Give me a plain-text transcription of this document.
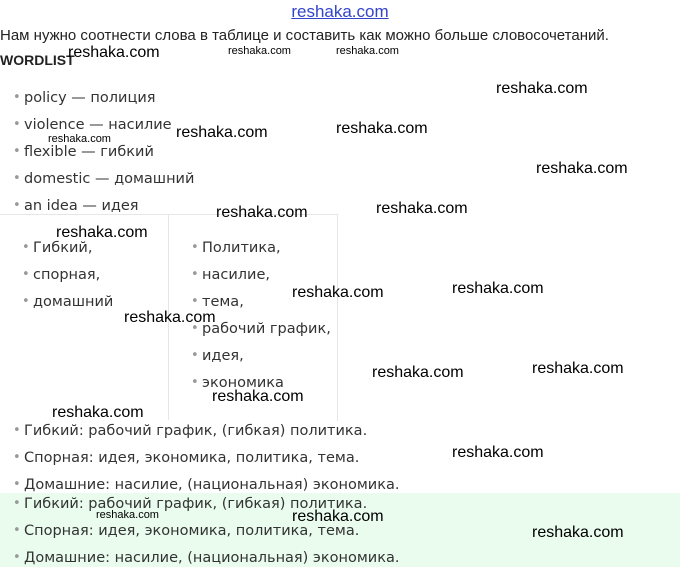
reshaka.com
Нам нужно соотнести слова в таблице и составить как можно больше словосочетаний.
WORDLIST
• policy — полиция
• violence — насилие
• flexible — гибкий
• domestic — домашний
• an idea — идея
• Гибкий,
• спорная,
• домашний
• Политика,
• насилие,
• тема,
• рабочий график,
• идея,
• экономика
• Гибкий: рабочий график, (гибкая) политика.
• Спорная: идея, экономика, политика, тема.
• Домашние: насилие, (национальная) экономика.
• Гибкий: рабочий график, (гибкая) политика.
• Спорная: идея, экономика, политика, тема.
• Домашние: насилие, (национальная) экономика.
reshaka.com	reshaka.com	reshaka.com
reshaka.com
reshaka.com	reshaka.com
reshaka.com
reshaka.com
reshaka.com	reshaka.com
reshaka.com
reshaka.com	reshaka.com
reshaka.com
reshaka.com	reshaka.com
reshaka.com
reshaka.com
reshaka.com
reshaka.com	reshaka.com
reshaka.com
